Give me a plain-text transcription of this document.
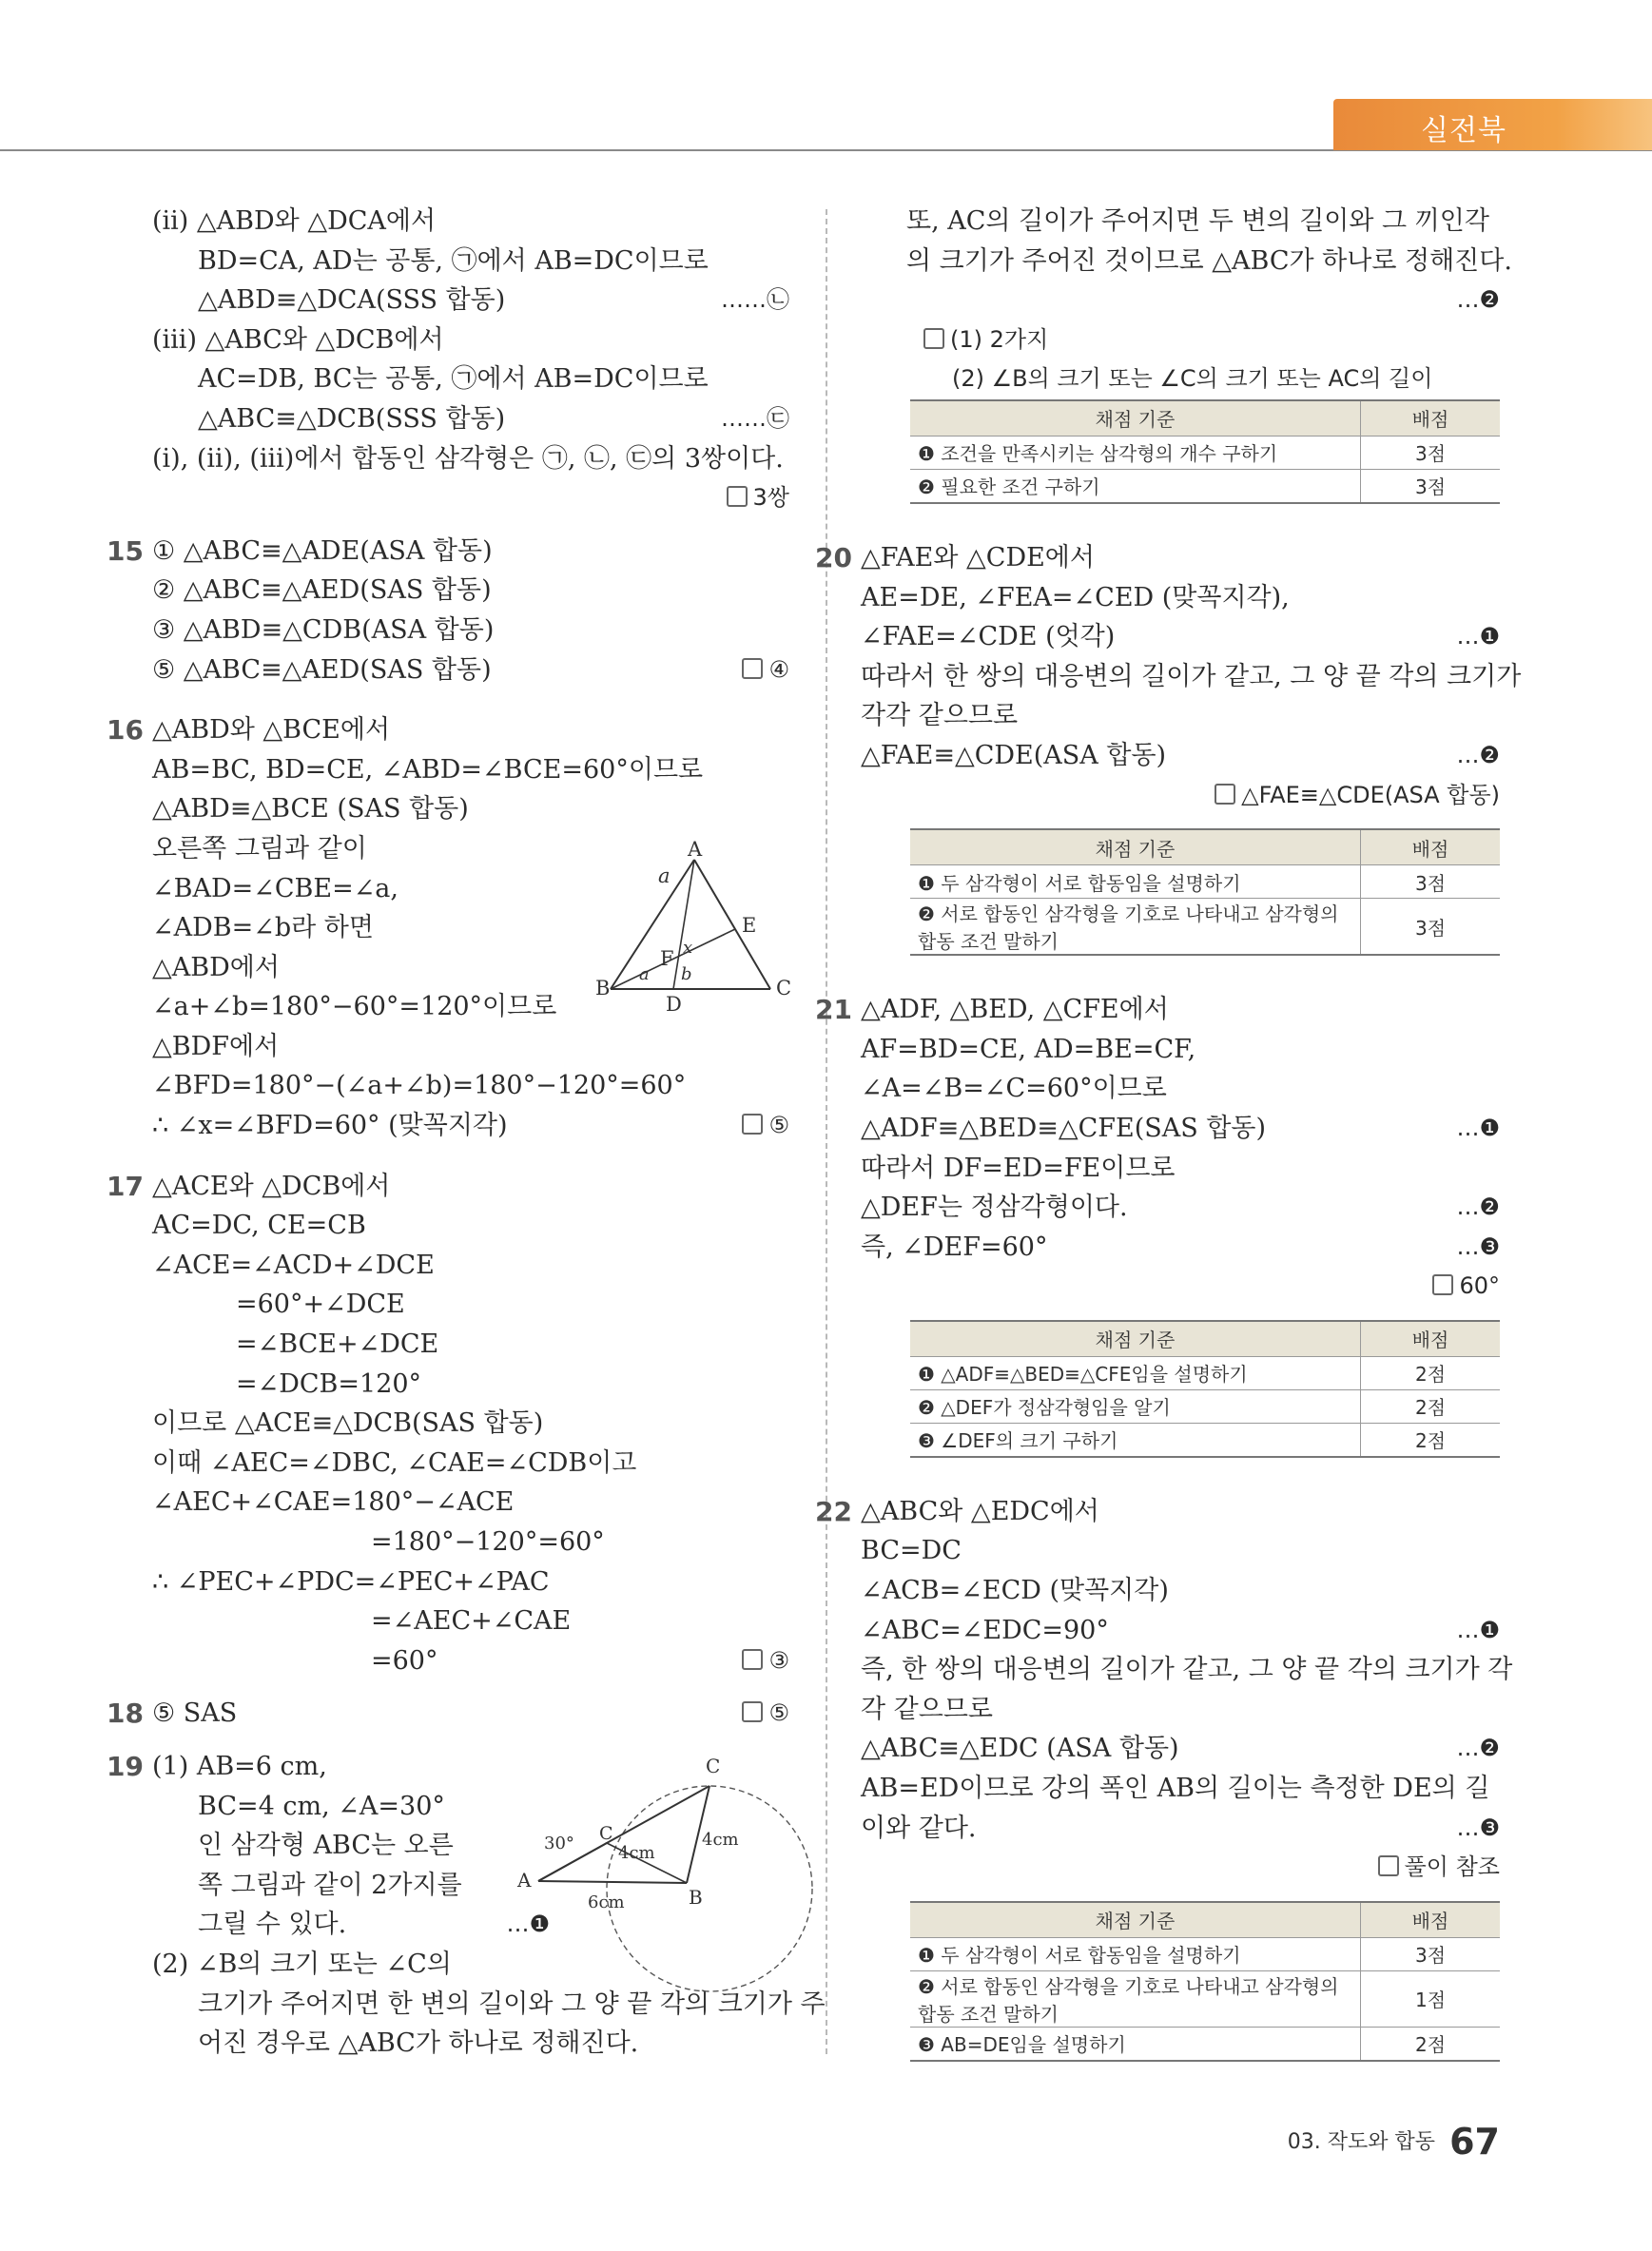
실전북
(ii) △ABD와 △DCA에서
BD=CA, AD는 공통, ㉠에서 AB=DC이므로
△ABD≡△DCA(SSS 합동)	……㉡
(iii) △ABC와 △DCB에서
AC=DB, BC는 공통, ㉠에서 AB=DC이므로
△ABC≡△DCB(SSS 합동)	……㉢
(i), (ii), (iii)에서 합동인 삼각형은 ㉠, ㉡, ㉢의 3쌍이다.
3쌍
① △ABC≡△ADE(ASA 합동)
15
② △ABC≡△AED(SAS 합동)
③ △ABD≡△CDB(ASA 합동)
⑤ △ABC≡△AED(SAS 합동)	④
△ABD와 △BCE에서
16
AB=BC, BD=CE, ∠ABD=∠BCE=60°이므로
△ABD≡△BCE (SAS 합동)
오른쪽 그림과 같이
∠BAD=∠CBE=∠a,
∠ADB=∠b라 하면
△ABD에서
∠a+∠b=180°−60°=120°이므로
△BDF에서
∠BFD=180°−(∠a+∠b)=180°−120°=60°
∴ ∠x=∠BFD=60° (맞꼭지각)	⑤
△ACE와 △DCB에서
17
AC=DC, CE=CB
∠ACE=∠ACD+∠DCE
=60°+∠DCE
=∠BCE+∠DCE
=∠DCB=120°
이므로 △ACE≡△DCB(SAS 합동)
이때 ∠AEC=∠DBC, ∠CAE=∠CDB이고
∠AEC+∠CAE=180°−∠ACE
=180°−120°=60°
∴ ∠PEC+∠PDC=∠PEC+∠PAC
=∠AEC+∠CAE
=60°	③
⑤ SAS
18	⑤
(1) AB=6 cm,
19
BC=4 cm, ∠A=30°
인 삼각형 ABC는 오른
쪽 그림과 같이 2가지를
그릴 수 있다.	…❶
(2) ∠B의 크기 또는 ∠C의
크기가 주어지면 한 변의 길이와 그 양 끝 각의 크기가 주
어진 경우로 △ABC가 하나로 정해진다.
또, AC의 길이가 주어지면 두 변의 길이와 그 끼인각
의 크기가 주어진 것이므로 △ABC가 하나로 정해진다.
…❷
(1) 2가지
(2) ∠B의 크기 또는 ∠C의 크기 또는 AC의 길이
채점 기준	배점
❶ 조건을 만족시키는 삼각형의 개수 구하기	3점
❷ 필요한 조건 구하기	3점
△FAE와 △CDE에서
20
AE=DE, ∠FEA=∠CED (맞꼭지각),
∠FAE=∠CDE (엇각)	…❶
따라서 한 쌍의 대응변의 길이가 같고, 그 양 끝 각의 크기가
각각 같으므로
△FAE≡△CDE(ASA 합동)	…❷
△FAE≡△CDE(ASA 합동)
채점 기준	배점
❶ 두 삼각형이 서로 합동임을 설명하기	3점

❷ 서로 합동인 삼각형을 기호로 나타내고 삼각형의
합동 조건 말하기	3점
△ADF, △BED, △CFE에서
21
AF=BD=CE, AD=BE=CF,
∠A=∠B=∠C=60°이므로
△ADF≡△BED≡△CFE(SAS 합동)	…❶
따라서 DF=ED=FE이므로
△DEF는 정삼각형이다.	…❷
즉, ∠DEF=60°	…❸
60°
채점 기준	배점
❶ △ADF≡△BED≡△CFE임을 설명하기	2점
❷ △DEF가 정삼각형임을 알기	2점
❸ ∠DEF의 크기 구하기	2점
△ABC와 △EDC에서
22
BC=DC
∠ACB=∠ECD (맞꼭지각)
∠ABC=∠EDC=90°	…❶
즉, 한 쌍의 대응변의 길이가 같고, 그 양 끝 각의 크기가 각
각 같으므로
△ABC≡△EDC (ASA 합동)	…❷
AB=ED이므로 강의 폭인 AB의 길이는 측정한 DE의 길
이와 같다.	…❸
풀이 참조
채점 기준	배점
❶ 두 삼각형이 서로 합동임을 설명하기	3점

❷ 서로 합동인 삼각형을 기호로 나타내고 삼각형의
합동 조건 말하기	1점
❸ AB=DE임을 설명하기	2점
A
B	C
D
E
F
a
a b
x
C
A
B
30° C
4cm
4cm
6cm
03. 작도와 합동 67
